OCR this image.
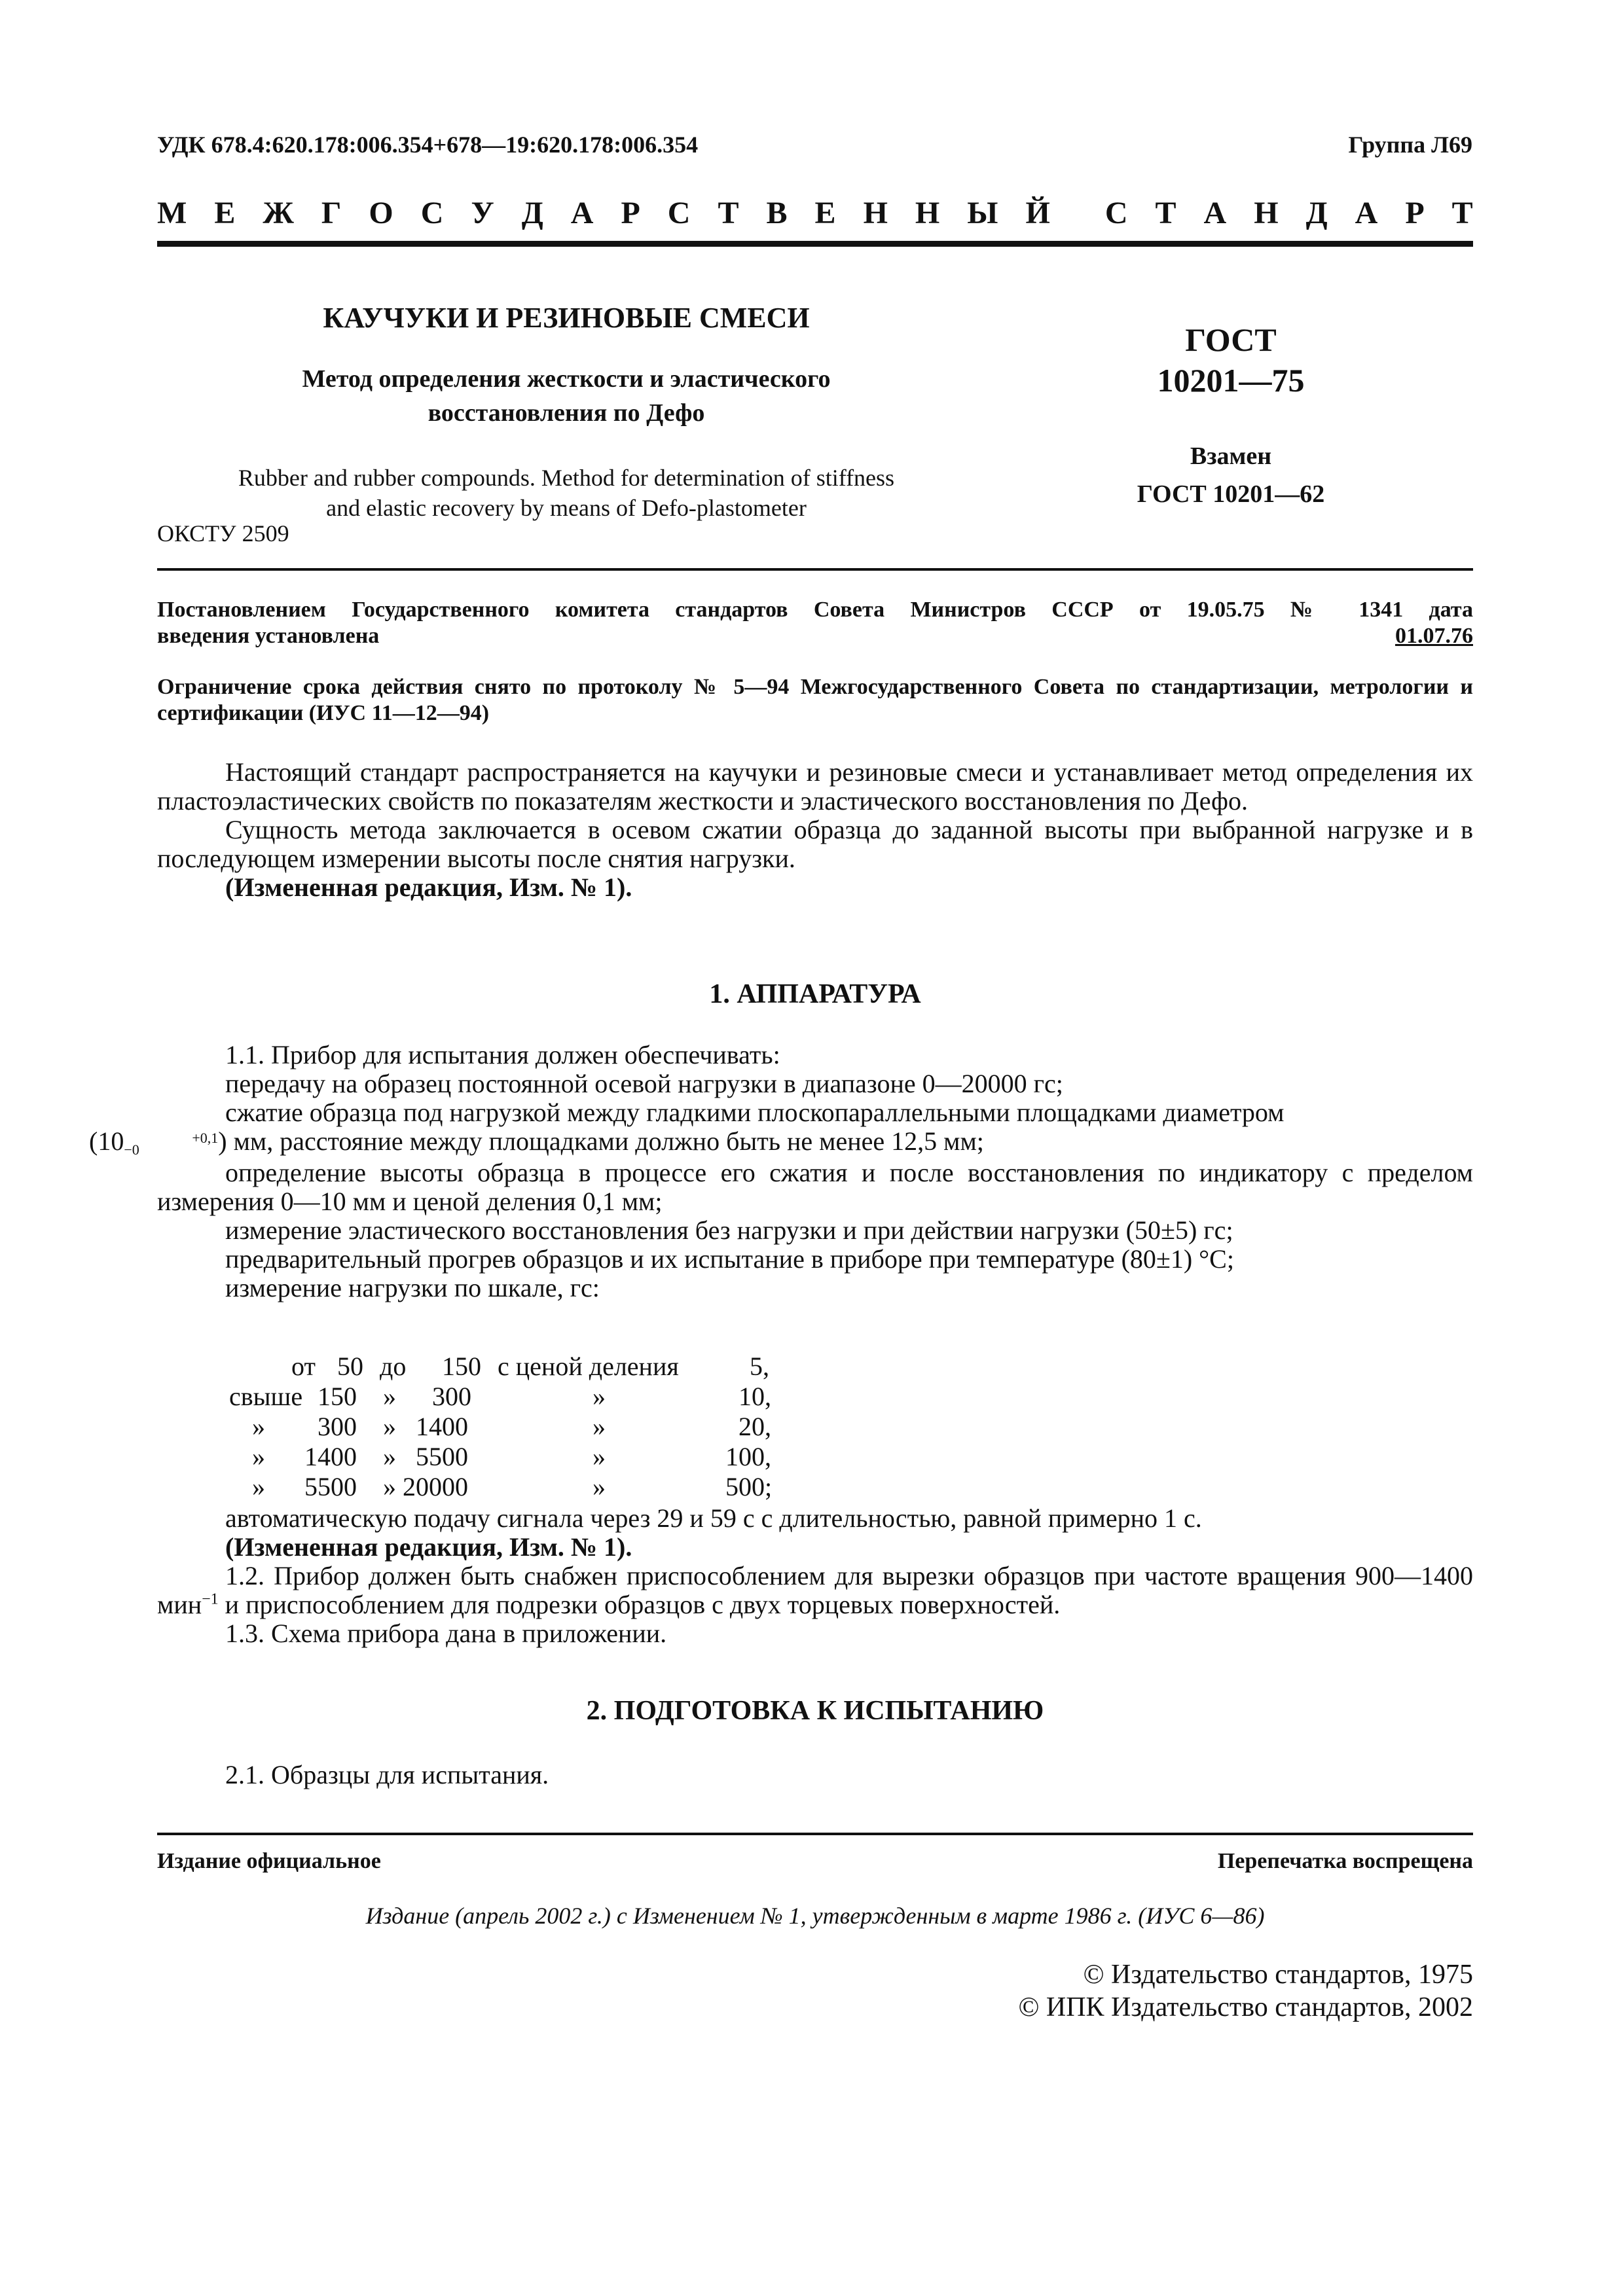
УДК 678.4:620.178:006.354+678—19:620.178:006.354	Группа Л69
М Е Ж Г О С У Д А Р С Т В Е Н Н Ы Й С Т А Н Д А Р Т
КАУЧУКИ И РЕЗИНОВЫЕ СМЕСИ
Метод определения жесткости и эластического
восстановления по Дефо
Rubber and rubber compounds. Method for determination of stiffness
and elastic recovery by means of Defo-plastometer
ОКСТУ 2509
ГОСТ
10201—75
Взамен
ГОСТ 10201—62
Постановлением Государственного комитета стандартов Совета Министров СССР от 19.05.75 № 1341 дата
введения установлена	01.07.76
Ограничение срока действия снято по протоколу № 5—94 Межгосударственного Совета по стандартизации, метрологии и сертификации (ИУС 11—12—94)

Настоящий стандарт распространяется на каучуки и резиновые смеси и устанавливает метод определения их пластоэластических свойств по показателям жесткости и эластического восстановления по Дефо.

Сущность метода заключается в осевом сжатии образца до заданной высоты при выбранной нагрузке и в последующем измерении высоты после снятия нагрузки.

(Измененная редакция, Изм. № 1).

1. АППАРАТУРА

1.1. Прибор для испытания должен обеспечивать:

передачу на образец постоянной осевой нагрузки в диапазоне 0—20000 гс;

сжатие образца под нагрузкой между гладкими плоскопараллельными площадками диаметром
(10	+0,1
−0	) мм, расстояние между площадками должно быть не менее 12,5 мм;

определение высоты образца в процессе его сжатия и после восстановления по индикатору с пределом измерения 0—10 мм и ценой деления 0,1 мм;

измерение эластического восстановления без нагрузки и при действии нагрузки (50±5) гс;

предварительный прогрев образцов и их испытание в приборе при температуре (80±1) °C;

измерение нагрузки по шкале, гс:

от 50 до 150 с ценой деления	5,
свыше 150 » 300	»	10,
» 300 » 1400	»	20,
» 1400 » 5500	»	100,
» 5500 » 20000	»	500;

автоматическую подачу сигнала через 29 и 59 с с длительностью, равной примерно 1 с.

(Измененная редакция, Изм. № 1).

1.2. Прибор должен быть снабжен приспособлением для вырезки образцов при частоте вращения 900—1400 мин$^{-1}$ и приспособлением для подрезки образцов с двух торцевых поверхностей.

1.3. Схема прибора дана в приложении.

2. ПОДГОТОВКА К ИСПЫТАНИЮ

2.1. Образцы для испытания.

Издание официальное	Перепечатка воспрещена
Издание (апрель 2002 г.) с Изменением № 1, утвержденным в марте 1986 г. (ИУС 6—86)
© Издательство стандартов, 1975
© ИПК Издательство стандартов, 2002
